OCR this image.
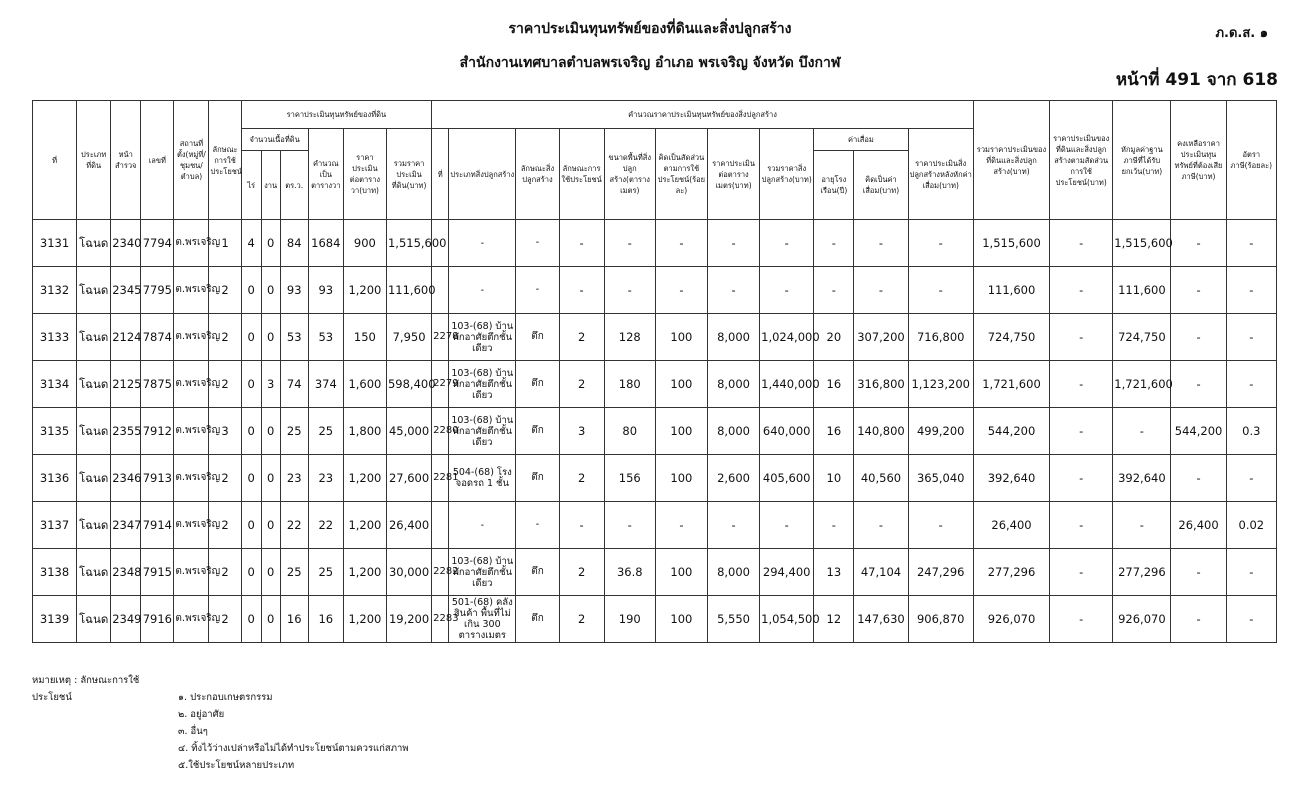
ราคาประเมินทุนทรัพย์ของที่ดินและสิ่งปลูกสร้าง
สำนักงานเทศบาลตำบลพรเจริญ อำเภอ พรเจริญ จังหวัด บึงกาฬ
ภ.ด.ส. ๑
หน้าที่ 491 จาก 618
ที่	ประเภทที่ดิน	หน้าสำรวจ	เลขที่	สถานที่ตั้ง(หมู่ที่/ชุมชน/ตำบล)	ลักษณะการใช้ประโยชน์	ราคาประเมินทุนทรัพย์ของที่ดิน						คำนวณราคาประเมินทุนทรัพย์ของสิ่งปลูกสร้าง											รวมราคาประเมินของที่ดินและสิ่งปลูกสร้าง(บาท)	ราคาประเมินของที่ดินและสิ่งปลูกสร้างตามสัดส่วนการใช้ประโยชน์(บาท)	หักมูลค่าฐานภาษีที่ได้รับยกเว้น(บาท)	คงเหลือราคาประเมินทุนทรัพย์ที่ต้องเสียภาษี(บาท)	อัตราภาษี(ร้อยละ)
						จำนวนเนื้อที่ดิน			คำนวณเป็นตารางวา	ราคาประเมินต่อตารางวา(บาท)	รวมราคาประเมินที่ดิน(บาท)	ที่	ประเภทสิ่งปลูกสร้าง	ลักษณะสิ่งปลูกสร้าง	ลักษณะการใช้ประโยชน์	ขนาดพื้นที่สิ่งปลูกสร้าง(ตารางเมตร)	คิดเป็นสัดส่วนตามการใช้ประโยชน์(ร้อยละ)	ราคาประเมินต่อตารางเมตร(บาท)	รวมราคาสิ่งปลูกสร้าง(บาท)	ค่าเสื่อม		ราคาประเมินสิ่งปลูกสร้างหลังหักค่าเสื่อม(บาท)					
						ไร่	งาน	ตร.ว.												อายุโรงเรือน(ปี)	คิดเป็นค่าเสื่อม(บาท)						
3131	โฉนด	2340	7794	ต.พรเจริญ	1	4	0	84	1684	900	1,515,600		-	-	-	-	-	-	-	-	-	-	1,515,600	-	1,515,600	-	-
3132	โฉนด	2345	7795	ต.พรเจริญ	2	0	0	93	93	1,200	111,600		-	-	-	-	-	-	-	-	-	-	111,600	-	111,600	-	-
3133	โฉนด	2124	7874	ต.พรเจริญ	2	0	0	53	53	150	7,950	2278	103-(68) บ้านพักอาศัยตึกชั้นเดียว	ตึก	2	128	100	8,000	1,024,000	20	307,200	716,800	724,750	-	724,750	-	-
3134	โฉนด	2125	7875	ต.พรเจริญ	2	0	3	74	374	1,600	598,400	2279	103-(68) บ้านพักอาศัยตึกชั้นเดียว	ตึก	2	180	100	8,000	1,440,000	16	316,800	1,123,200	1,721,600	-	1,721,600	-	-
3135	โฉนด	2355	7912	ต.พรเจริญ	3	0	0	25	25	1,800	45,000	2280	103-(68) บ้านพักอาศัยตึกชั้นเดียว	ตึก	3	80	100	8,000	640,000	16	140,800	499,200	544,200	-	-	544,200	0.3
3136	โฉนด	2346	7913	ต.พรเจริญ	2	0	0	23	23	1,200	27,600	2281	504-(68) โรงจอดรถ 1 ชั้น	ตึก	2	156	100	2,600	405,600	10	40,560	365,040	392,640	-	392,640	-	-
3137	โฉนด	2347	7914	ต.พรเจริญ	2	0	0	22	22	1,200	26,400		-	-	-	-	-	-	-	-	-	-	26,400	-	-	26,400	0.02
3138	โฉนด	2348	7915	ต.พรเจริญ	2	0	0	25	25	1,200	30,000	2282	103-(68) บ้านพักอาศัยตึกชั้นเดียว	ตึก	2	36.8	100	8,000	294,400	13	47,104	247,296	277,296	-	277,296	-	-
3139	โฉนด	2349	7916	ต.พรเจริญ	2	0	0	16	16	1,200	19,200	2283	501-(68) คลังสินค้า พื้นที่ไม่เกิน 300 ตารางเมตร	ตึก	2	190	100	5,550	1,054,500	12	147,630	906,870	926,070	-	926,070	-	-
หมายเหตุ : ลักษณะการใช้ประโยชน์	๑. ประกอบเกษตรกรรม
๒. อยู่อาศัย
๓. อื่นๆ
๔. ทิ้งไว้ว่างเปล่าหรือไม่ได้ทำประโยชน์ตามควรแก่สภาพ
๕.ใช้ประโยชน์หลายประเภท
